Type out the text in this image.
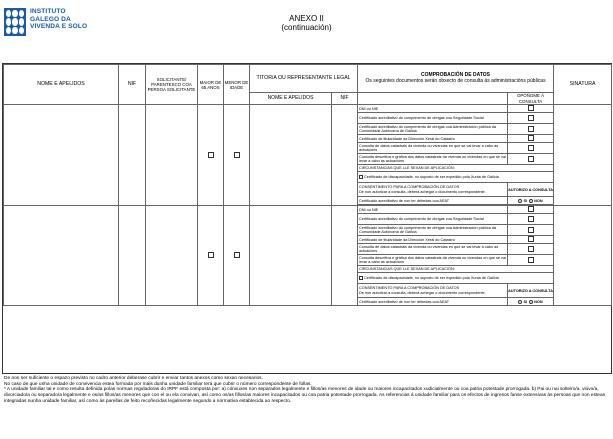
INSTITUTO
GALEGO DA
VIVENDA E SOLO
ANEXO II
(continuación)
NOME E APELIDOS	NIF	SOLICITANTE/ PARENTESCO COA PERSOA SOLICITANTE	MAIOR DE 65 ANOS	MENOR DE IDADE	TITOR/A OU REPRESENTANTE LEGAL		COMPROBACIÓN DE DATOS
Os seguintes documentos serán obxecto de consulta ás administracións públicas		SINATURA
					NOME E APELIDOS	NIF		OPÓÑOME Á CONSULTA	
							DNI ou NIE		
							Certificado acreditativo do cumprimento de obrigas coa Seguridade Social		
							Certificado acreditativo do cumprimento de obrigas coa Administración pública da Comunidade Autónoma de Galicia		
							Certificado de titularidade da Dirección Xeral do Catastro		
							Consulta de datos catastrais da vivenda ou vivendas en que se vai levar a cabo as actuacións		
							Consulta descritiva e gráfica dos datos catastrais da vivenda ou vivendas en que se vai levar a cabo as actuacións		
							CIRCUNSTANCIAS QUE LLE SEXAN DE APLICACIÓN:		
							Certificado de discapacidade, no suposto de ser expedido pola Xunta de Galicia		

							CONSENTIMENTO PARA A COMPROBACIÓN DE DATOS
De non autorizar a consulta, deberá achegar o documento correspondente.	AUTORIZO A CONSULTA	
							Certificado acreditativo de non ter débedas coa AEAT	SI NON	

							DNI ou NIE		
							Certificado acreditativo do cumprimento de obrigas coa Seguridade Social		
							Certificado acreditativo do cumprimento de obrigas coa Administración pública da Comunidade Autónoma de Galicia		
							Certificado de titularidade da Dirección Xeral do Catastro		
							Consulta de datos catastrais da vivenda ou vivendas en que se vai levar a cabo as actuacións		
							Consulta descritiva e gráfica dos datos catastrais da vivenda ou vivendas en que se vai levar a cabo as actuacións		
							CIRCUNSTANCIAS QUE LLE SEXAN DE APLICACIÓN:		
							Certificado de discapacidade, no suposto de ser expedido pola Xunta de Galicia		

							CONSENTIMENTO PARA A COMPROBACIÓN DE DATOS
De non autorizar a consulta, deberá achegar o documento correspondente.	AUTORIZO A CONSULTA	
							Certificado acreditativo de non ter débedas coa AEAT	SI NON	
De non ser suficiente o espazo previsto no cadro anterior deberase cubrir e enviar tantos anexos como sexan necesarios.
No caso de que unha unidade de convivencia estea formada por máis dunha unidade familiar terá que cubrir o número correspondente de follas.
* A unidade familiar tal e como resulta definida polas normas reguladoras do IRPF está composta por: a) cónxuxes non separados legalmente e fillos/as menores de idade ou maiores incapacitados xudicialmente ou coa patria potestade prorrogada. b) Pai ou nai solteiro/a, viúvo/a, divorciado/a ou separado/a legalmente e os/as fillos/as menores que con el ou ela convivan, así como os/as fillos/as maiores incapacitados ou coa patria potestade prorrogada. As referencias á unidade familiar para os efectos de ingresos fanse extensivas ás persoas que non estean integradas nunha unidade familiar, así como ás parellas de feito recoñecidas legalmente segundo a normativa establecida ao respecto.
